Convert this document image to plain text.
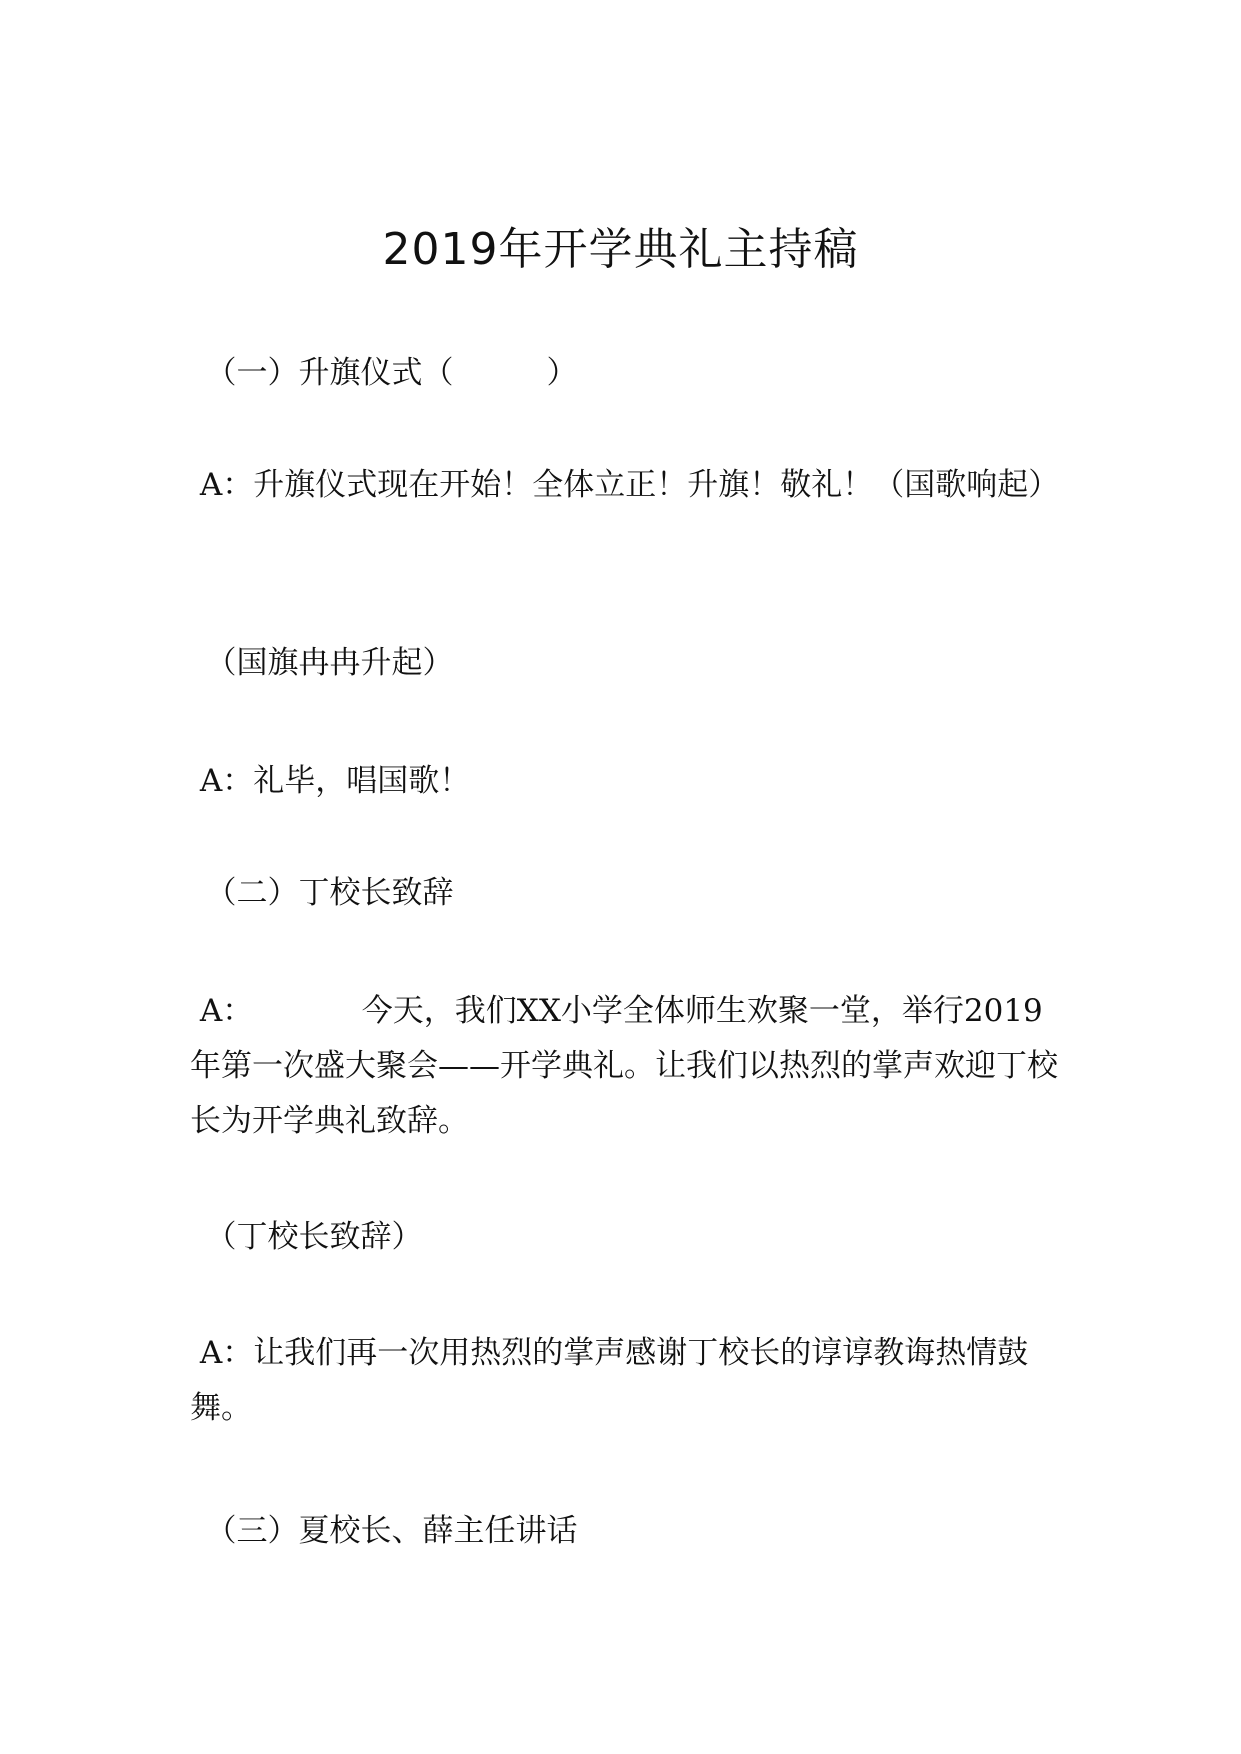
2019年开学典礼主持稿

　（一）升旗仪式（　　　）

A：升旗仪式现在开始！全体立正！升旗！敬礼！（国歌响起）

　（国旗冉冉升起）

A：礼毕，唱国歌！

　（二）丁校长致辞

A：　　　　今天，我们XX小学全体师生欢聚一堂，举行2019年第一次盛大聚会——开学典礼。让我们以热烈的掌声欢迎丁校长为开学典礼致辞。

　（丁校长致辞）

A：让我们再一次用热烈的掌声感谢丁校长的谆谆教诲热情鼓舞。

　（三）夏校长、薛主任讲话
